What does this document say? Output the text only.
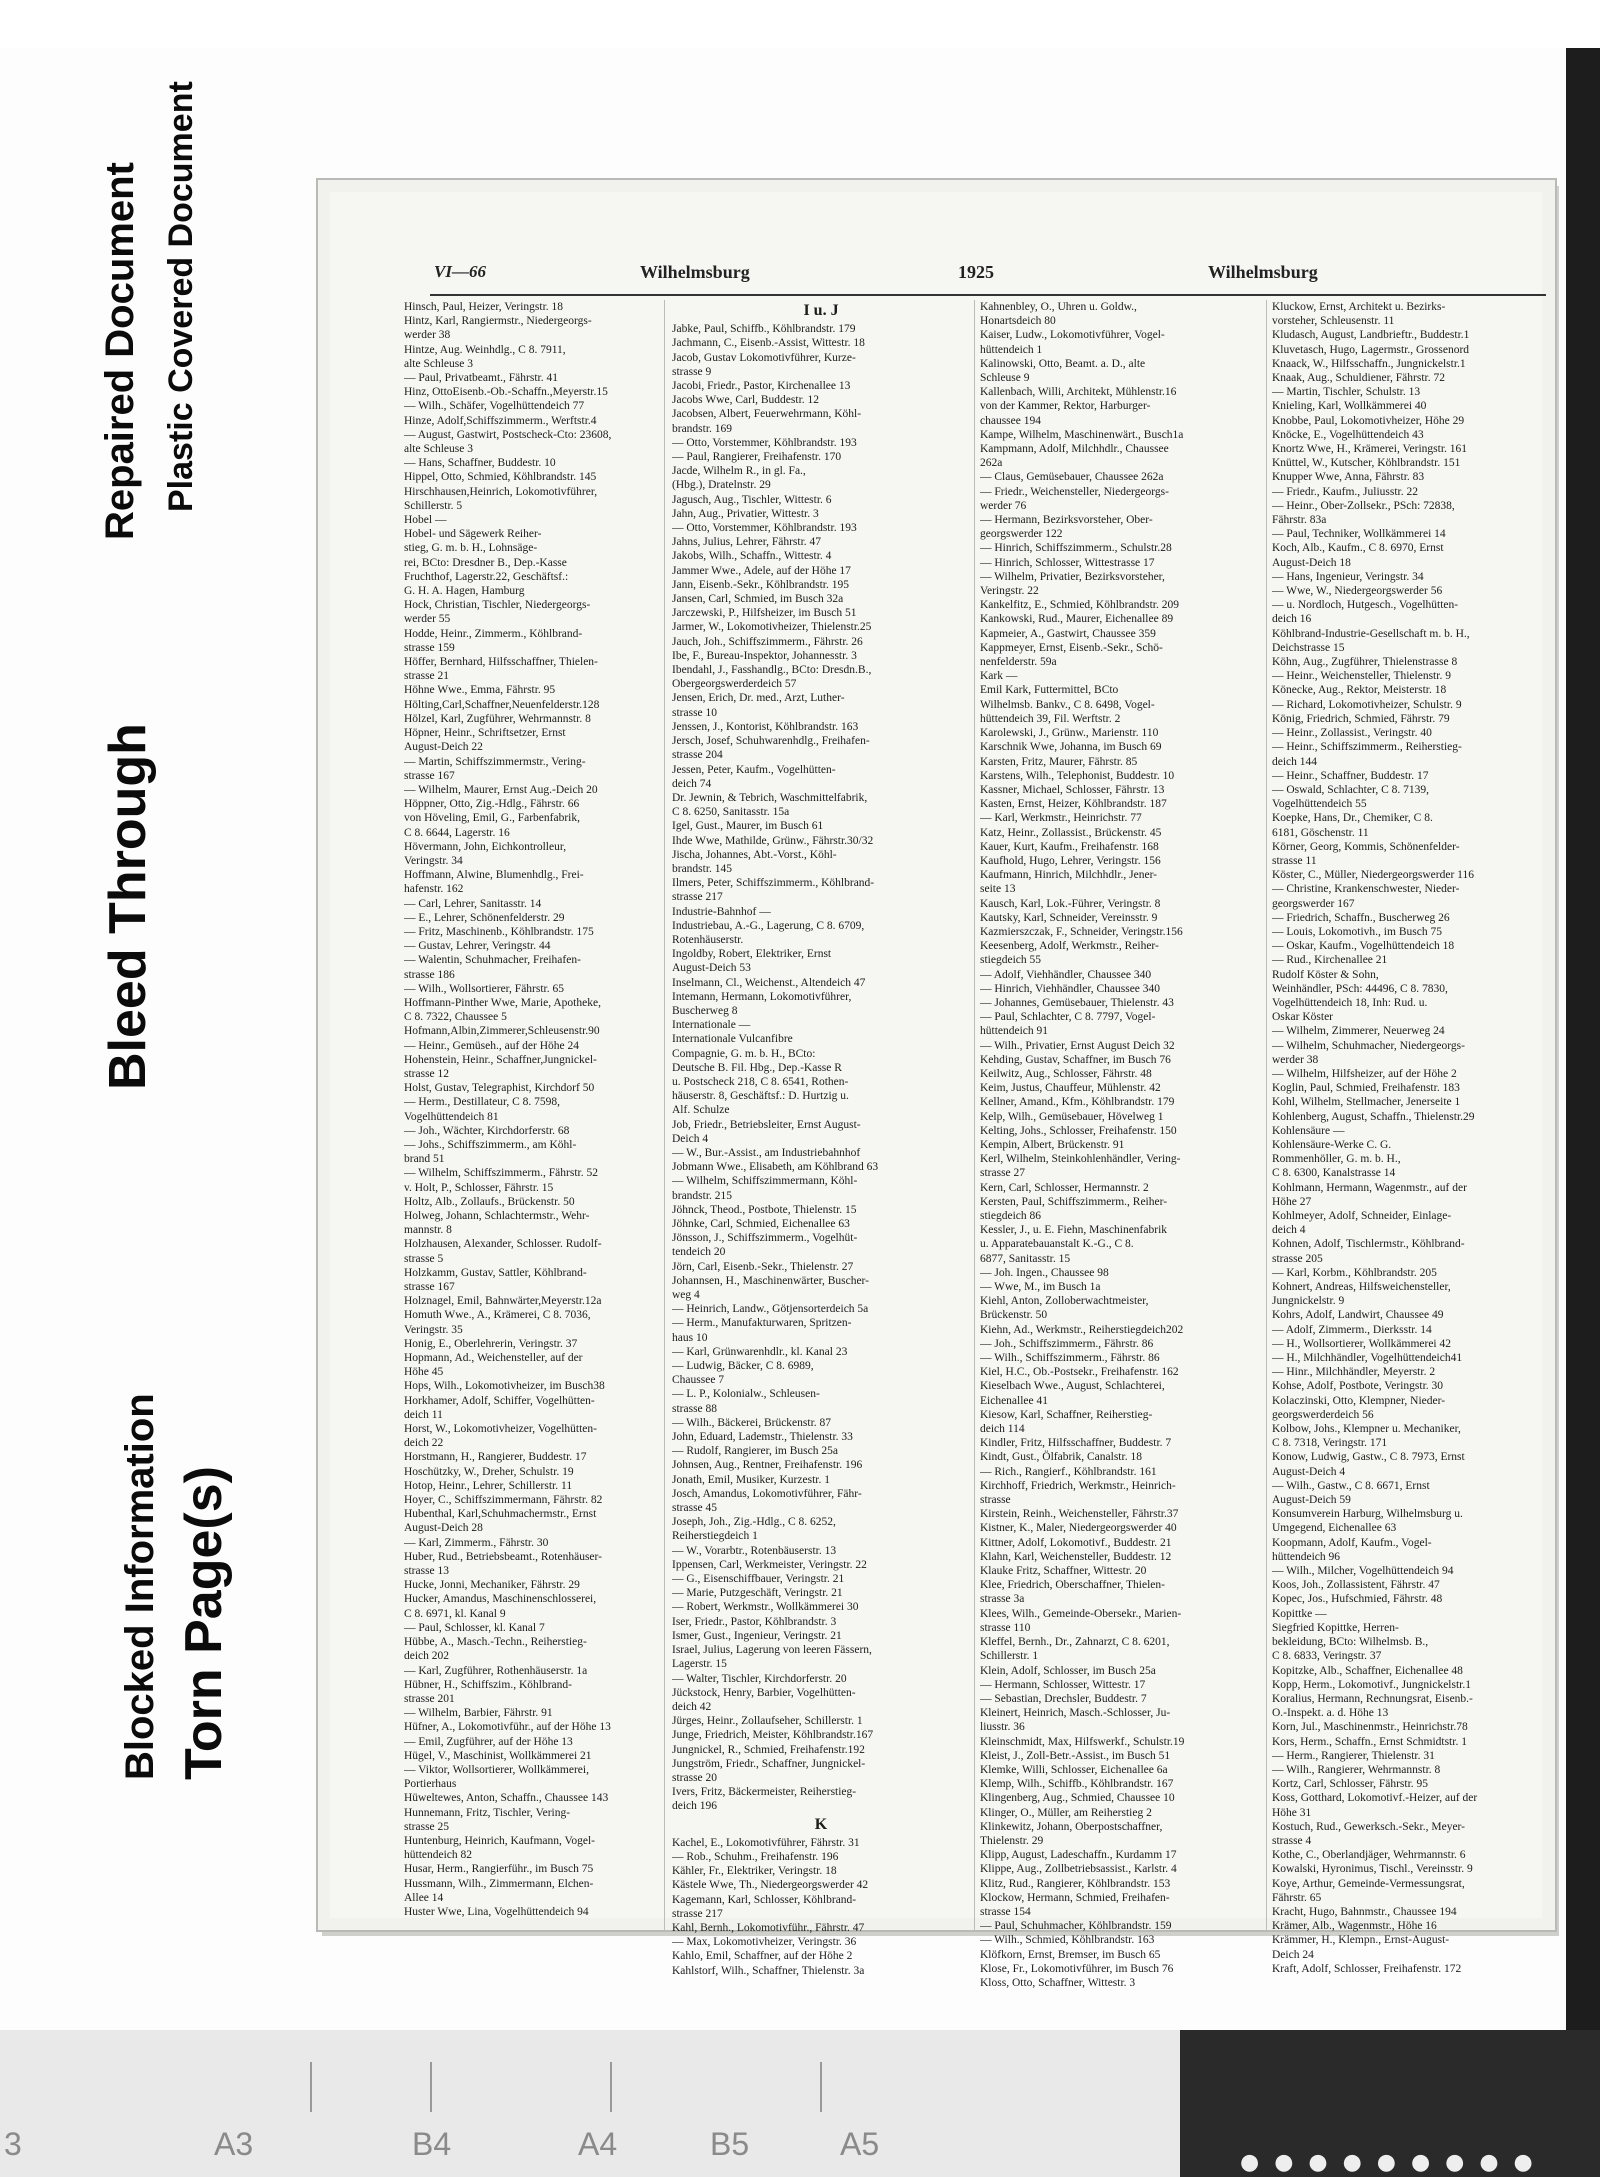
Repaired Document Plastic Covered Document
Bleed Through
Blocked Information Torn Page(s)
VI—66	Wilhelmsburg	1925	Wilhelmsburg

Hinsch, Paul, Heizer, Veringstr. 18

Hintz, Karl, Rangiermstr., Niedergeorgs-

werder 38

Hintze, Aug. Weinhdlg., C 8. 7911,

alte Schleuse 3

— Paul, Privatbeamt., Fährstr. 41

Hinz, OttoEisenb.-Ob.-Schaffn.,Meyerstr.15

— Wilh., Schäfer, Vogelhüttendeich 77

Hinze, Adolf,Schiffszimmerm., Werftstr.4

— August, Gastwirt, Postscheck-Cto: 23608,

alte Schleuse 3

— Hans, Schaffner, Buddestr. 10

Hippel, Otto, Schmied, Köhlbrandstr. 145

Hirschhausen,Heinrich, Lokomotivführer,

Schillerstr. 5

Hobel —

Hobel- und Sägewerk Reiher-

stieg, G. m. b. H., Lohnsäge-

rei, BCto: Dresdner B., Dep.-Kasse

Fruchthof, Lagerstr.22, Geschäftsf.:

G. H. A. Hagen, Hamburg

Hock, Christian, Tischler, Niedergeorgs-

werder 55

Hodde, Heinr., Zimmerm., Köhlbrand-

strasse 159

Höffer, Bernhard, Hilfsschaffner, Thielen-

strasse 21

Höhne Wwe., Emma, Fährstr. 95

Hölting,Carl,Schaffner,Neuenfelderstr.128

Hölzel, Karl, Zugführer, Wehrmannstr. 8

Höpner, Heinr., Schriftsetzer, Ernst

August-Deich 22

— Martin, Schiffszimmermstr., Vering-

strasse 167

— Wilhelm, Maurer, Ernst Aug.-Deich 20

Höppner, Otto, Zig.-Hdlg., Fährstr. 66

von Höveling, Emil, G., Farbenfabrik,

C 8. 6644, Lagerstr. 16

Hövermann, John, Eichkontrolleur,

Veringstr. 34

Hoffmann, Alwine, Blumenhdlg., Frei-

hafenstr. 162

— Carl, Lehrer, Sanitasstr. 14

— E., Lehrer, Schönenfelderstr. 29

— Fritz, Maschinenb., Köhlbrandstr. 175

— Gustav, Lehrer, Veringstr. 44

— Walentin, Schuhmacher, Freihafen-

strasse 186

— Wilh., Wollsortierer, Fährstr. 65

Hoffmann-Pinther Wwe, Marie, Apotheke,

C 8. 7322, Chaussee 5

Hofmann,Albin,Zimmerer,Schleusenstr.90

— Heinr., Gemüseh., auf der Höhe 24

Hohenstein, Heinr., Schaffner,Jungnickel-

strasse 12

Holst, Gustav, Telegraphist, Kirchdorf 50

— Herm., Destillateur, C 8. 7598,

Vogelhüttendeich 81

— Joh., Wächter, Kirchdorferstr. 68

— Johs., Schiffszimmerm., am Köhl-

brand 51

— Wilhelm, Schiffszimmerm., Fährstr. 52

v. Holt, P., Schlosser, Fährstr. 15

Holtz, Alb., Zollaufs., Brückenstr. 50

Holweg, Johann, Schlachtermstr., Wehr-

mannstr. 8

Holzhausen, Alexander, Schlosser. Rudolf-

strasse 5

Holzkamm, Gustav, Sattler, Köhlbrand-

strasse 167

Holznagel, Emil, Bahnwärter,Meyerstr.12a

Homuth Wwe., A., Krämerei, C 8. 7036,

Veringstr. 35

Honig, E., Oberlehrerin, Veringstr. 37

Hopmann, Ad., Weichensteller, auf der

Höhe 45

Hops, Wilh., Lokomotivheizer, im Busch38

Horkhamer, Adolf, Schiffer, Vogelhütten-

deich 11

Horst, W., Lokomotivheizer, Vogelhütten-

deich 22

Horstmann, H., Rangierer, Buddestr. 17

Hoschützky, W., Dreher, Schulstr. 19

Hotop, Heinr., Lehrer, Schillerstr. 11

Hoyer, C., Schiffszimmermann, Fährstr. 82

Hubenthal, Karl,Schuhmachermstr., Ernst

August-Deich 28

— Karl, Zimmerm., Fährstr. 30

Huber, Rud., Betriebsbeamt., Rotenhäuser-

strasse 13

Hucke, Jonni, Mechaniker, Fährstr. 29

Hucker, Amandus, Maschinenschlosserei,

C 8. 6971, kl. Kanal 9

— Paul, Schlosser, kl. Kanal 7

Hübbe, A., Masch.-Techn., Reiherstieg-

deich 202

— Karl, Zugführer, Rothenhäuserstr. 1a

Hübner, H., Schiffszim., Köhlbrand-

strasse 201

— Wilhelm, Barbier, Fährstr. 91

Hüfner, A., Lokomotivführ., auf der Höhe 13

— Emil, Zugführer, auf der Höhe 13

Hügel, V., Maschinist, Wollkämmerei 21

— Viktor, Wollsortierer, Wollkämmerei,

Portierhaus

Hüweltewes, Anton, Schaffn., Chaussee 143

Hunnemann, Fritz, Tischler, Vering-

strasse 25

Huntenburg, Heinrich, Kaufmann, Vogel-

hüttendeich 82

Husar, Herm., Rangierführ., im Busch 75

Hussmann, Wilh., Zimmermann, Elchen-

Allee 14

Huster Wwe, Lina, Vogelhüttendeich 94

I u. J

Jabke, Paul, Schiffb., Köhlbrandstr. 179

Jachmann, C., Eisenb.-Assist, Wittestr. 18

Jacob, Gustav Lokomotivführer, Kurze-

strasse 9

Jacobi, Friedr., Pastor, Kirchenallee 13

Jacobs Wwe, Carl, Buddestr. 12

Jacobsen, Albert, Feuerwehrmann, Köhl-

brandstr. 169

— Otto, Vorstemmer, Köhlbrandstr. 193

— Paul, Rangierer, Freihafenstr. 170

Jacde, Wilhelm R., in gl. Fa.,

(Hbg.), Dratelnstr. 29

Jagusch, Aug., Tischler, Wittestr. 6

Jahn, Aug., Privatier, Wittestr. 3

— Otto, Vorstemmer, Köhlbrandstr. 193

Jahns, Julius, Lehrer, Fährstr. 47

Jakobs, Wilh., Schaffn., Wittestr. 4

Jammer Wwe., Adele, auf der Höhe 17

Jann, Eisenb.-Sekr., Köhlbrandstr. 195

Jansen, Carl, Schmied, im Busch 32a

Jarczewski, P., Hilfsheizer, im Busch 51

Jarmer, W., Lokomotivheizer, Thielenstr.25

Jauch, Joh., Schiffszimmerm., Fährstr. 26

Ibe, F., Bureau-Inspektor, Johannesstr. 3

Ibendahl, J., Fasshandlg., BCto: Dresdn.B.,

Obergeorgswerderdeich 57

Jensen, Erich, Dr. med., Arzt, Luther-

strasse 10

Jenssen, J., Kontorist, Köhlbrandstr. 163

Jersch, Josef, Schuhwarenhdlg., Freihafen-

strasse 204

Jessen, Peter, Kaufm., Vogelhütten-

deich 74

Dr. Jewnin, & Tebrich, Waschmittelfabrik,

C 8. 6250, Sanitasstr. 15a

Igel, Gust., Maurer, im Busch 61

Ihde Wwe, Mathilde, Grünw., Fährstr.30/32

Jischa, Johannes, Abt.-Vorst., Köhl-

brandstr. 145

Ilmers, Peter, Schiffszimmerm., Köhlbrand-

strasse 217

Industrie-Bahnhof —

Industriebau, A.-G., Lagerung, C 8. 6709,

Rotenhäuserstr.

Ingoldby, Robert, Elektriker, Ernst

August-Deich 53

Inselmann, Cl., Weichenst., Altendeich 47

Intemann, Hermann, Lokomotivführer,

Buscherweg 8

Internationale —

Internationale Vulcanfibre

Compagnie, G. m. b. H., BCto:

Deutsche B. Fil. Hbg., Dep.-Kasse R

u. Postscheck 218, C 8. 6541, Rothen-

häuserstr. 8, Geschäftsf.: D. Hurtzig u.

Alf. Schulze

Job, Friedr., Betriebsleiter, Ernst August-

Deich 4

— W., Bur.-Assist., am Industriebahnhof

Jobmann Wwe., Elisabeth, am Köhlbrand 63

— Wilhelm, Schiffszimmermann, Köhl-

brandstr. 215

Jöhnck, Theod., Postbote, Thielenstr. 15

Jöhnke, Carl, Schmied, Eichenallee 63

Jönsson, J., Schiffszimmerm., Vogelhüt-

tendeich 20

Jörn, Carl, Eisenb.-Sekr., Thielenstr. 27

Johannsen, H., Maschinenwärter, Buscher-

weg 4

— Heinrich, Landw., Götjensorterdeich 5a

— Herm., Manufakturwaren, Spritzen-

haus 10

— Karl, Grünwarenhdlr., kl. Kanal 23

— Ludwig, Bäcker, C 8. 6989,

Chaussee 7

— L. P., Kolonialw., Schleusen-

strasse 88

— Wilh., Bäckerei, Brückenstr. 87

John, Eduard, Lademstr., Thielenstr. 33

— Rudolf, Rangierer, im Busch 25a

Johnsen, Aug., Rentner, Freihafenstr. 196

Jonath, Emil, Musiker, Kurzestr. 1

Josch, Amandus, Lokomotivführer, Fähr-

strasse 45

Joseph, Joh., Zig.-Hdlg., C 8. 6252,

Reiherstiegdeich 1

— W., Vorarbtr., Rotenbäuserstr. 13

Ippensen, Carl, Werkmeister, Veringstr. 22

— G., Eisenschiffbauer, Veringstr. 21

— Marie, Putzgeschäft, Veringstr. 21

— Robert, Werkmstr., Wollkämmerei 30

Iser, Friedr., Pastor, Köhlbrandstr. 3

Ismer, Gust., Ingenieur, Veringstr. 21

Israel, Julius, Lagerung von leeren Fässern,

Lagerstr. 15

— Walter, Tischler, Kirchdorferstr. 20

Jückstock, Henry, Barbier, Vogelhütten-

deich 42

Jürges, Heinr., Zollaufseher, Schillerstr. 1

Junge, Friedrich, Meister, Köhlbrandstr.167

Jungnickel, R., Schmied, Freihafenstr.192

Jungström, Friedr., Schaffner, Jungnickel-

strasse 20

Ivers, Fritz, Bäckermeister, Reiherstieg-

deich 196

K

Kachel, E., Lokomotivführer, Fährstr. 31

— Rob., Schuhm., Freihafenstr. 196

Kähler, Fr., Elektriker, Veringstr. 18

Kästele Wwe, Th., Niedergeorgswerder 42

Kagemann, Karl, Schlosser, Köhlbrand-

strasse 217

Kahl, Bernh., Lokomotivführ., Fährstr. 47

— Max, Lokomotivheizer, Veringstr. 36

Kahlo, Emil, Schaffner, auf der Höhe 2

Kahlstorf, Wilh., Schaffner, Thielenstr. 3a

Kahnenbley, O., Uhren u. Goldw.,

Honartsdeich 80

Kaiser, Ludw., Lokomotivführer, Vogel-

hüttendeich 1

Kalinowski, Otto, Beamt. a. D., alte

Schleuse 9

Kallenbach, Willi, Architekt, Mühlenstr.16

von der Kammer, Rektor, Harburger-

chaussee 194

Kampe, Wilhelm, Maschinenwärt., Busch1a

Kampmann, Adolf, Milchhdlr., Chaussee

262a

— Claus, Gemüsebauer, Chaussee 262a

— Friedr., Weichensteller, Niedergeorgs-

werder 76

— Hermann, Bezirksvorsteher, Ober-

georgswerder 122

— Hinrich, Schiffszimmerm., Schulstr.28

— Hinrich, Schlosser, Wittestrasse 17

— Wilhelm, Privatier, Bezirksvorsteher,

Veringstr. 22

Kankelfitz, E., Schmied, Köhlbrandstr. 209

Kankowski, Rud., Maurer, Eichenallee 89

Kapmeier, A., Gastwirt, Chaussee 359

Kappmeyer, Ernst, Eisenb.-Sekr., Schö-

nenfelderstr. 59a

Kark —

Emil Kark, Futtermittel, BCto

Wilhelmsb. Bankv., C 8. 6498, Vogel-

hüttendeich 39, Fil. Werftstr. 2

Karolewski, J., Grünw., Marienstr. 110

Karschnik Wwe, Johanna, im Busch 69

Karsten, Fritz, Maurer, Fährstr. 85

Karstens, Wilh., Telephonist, Buddestr. 10

Kassner, Michael, Schlosser, Fährstr. 13

Kasten, Ernst, Heizer, Köhlbrandstr. 187

— Karl, Werkmstr., Heinrichstr. 77

Katz, Heinr., Zollassist., Brückenstr. 45

Kauer, Kurt, Kaufm., Freihafenstr. 168

Kaufhold, Hugo, Lehrer, Veringstr. 156

Kaufmann, Hinrich, Milchhdlr., Jener-

seite 13

Kausch, Karl, Lok.-Führer, Veringstr. 8

Kautsky, Karl, Schneider, Vereinsstr. 9

Kazmierszczak, F., Schneider, Veringstr.156

Keesenberg, Adolf, Werkmstr., Reiher-

stiegdeich 55

— Adolf, Viehhändler, Chaussee 340

— Hinrich, Viehhändler, Chaussee 340

— Johannes, Gemüsebauer, Thielenstr. 43

— Paul, Schlachter, C 8. 7797, Vogel-

hüttendeich 91

— Wilh., Privatier, Ernst August Deich 32

Kehding, Gustav, Schaffner, im Busch 76

Keilwitz, Aug., Schlosser, Fährstr. 48

Keim, Justus, Chauffeur, Mühlenstr. 42

Kellner, Amand., Kfm., Köhlbrandstr. 179

Kelp, Wilh., Gemüsebauer, Hövelweg 1

Kelting, Johs., Schlosser, Freihafenstr. 150

Kempin, Albert, Brückenstr. 91

Kerl, Wilhelm, Steinkohlenhändler, Vering-

strasse 27

Kern, Carl, Schlosser, Hermannstr. 2

Kersten, Paul, Schiffszimmerm., Reiher-

stiegdeich 86

Kessler, J., u. E. Fiehn, Maschinenfabrik

u. Apparatebauanstalt K.-G., C 8.

6877, Sanitasstr. 15

— Joh. Ingen., Chaussee 98

— Wwe, M., im Busch 1a

Kiehl, Anton, Zolloberwachtmeister,

Brückenstr. 50

Kiehn, Ad., Werkmstr., Reiherstiegdeich202

— Joh., Schiffszimmerm., Fährstr. 86

— Wilh., Schiffszimmerm., Fährstr. 86

Kiel, H.C., Ob.-Postsekr., Freihafenstr. 162

Kieselbach Wwe., August, Schlachterei,

Eichenallee 41

Kiesow, Karl, Schaffner, Reiherstieg-

deich 114

Kindler, Fritz, Hilfsschaffner, Buddestr. 7

Kindt, Gust., Ölfabrik, Canalstr. 18

— Rich., Rangierf., Köhlbrandstr. 161

Kirchhoff, Friedrich, Werkmstr., Heinrich-

strasse

Kirstein, Reinh., Weichensteller, Fährstr.37

Kistner, K., Maler, Niedergeorgswerder 40

Kittner, Adolf, Lokomotivf., Buddestr. 21

Klahn, Karl, Weichensteller, Buddestr. 12

Klauke Fritz, Schaffner, Wittestr. 20

Klee, Friedrich, Oberschaffner, Thielen-

strasse 3a

Klees, Wilh., Gemeinde-Obersekr., Marien-

strasse 110

Kleffel, Bernh., Dr., Zahnarzt, C 8. 6201,

Schillerstr. 1

Klein, Adolf, Schlosser, im Busch 25a

— Hermann, Schlosser, Wittestr. 17

— Sebastian, Drechsler, Buddestr. 7

Kleinert, Heinrich, Masch.-Schlosser, Ju-

liusstr. 36

Kleinschmidt, Max, Hilfswerkf., Schulstr.19

Kleist, J., Zoll-Betr.-Assist., im Busch 51

Klemke, Willi, Schlosser, Eichenallee 6a

Klemp, Wilh., Schiffb., Köhlbrandstr. 167

Klingenberg, Aug., Schmied, Chaussee 10

Klinger, O., Müller, am Reiherstieg 2

Klinkewitz, Johann, Oberpostschaffner,

Thielenstr. 29

Klipp, August, Ladeschaffn., Kurdamm 17

Klippe, Aug., Zollbetriebsassist., Karlstr. 4

Klitz, Rud., Rangierer, Köhlbrandstr. 153

Klockow, Hermann, Schmied, Freihafen-

strasse 154

— Paul, Schuhmacher, Köhlbrandstr. 159

— Wilh., Schmied, Köhlbrandstr. 163

Klöfkorn, Ernst, Bremser, im Busch 65

Klose, Fr., Lokomotivführer, im Busch 76

Kloss, Otto, Schaffner, Wittestr. 3

Kluckow, Ernst, Architekt u. Bezirks-

vorsteher, Schleusenstr. 11

Kludasch, August, Landbrieftr., Buddestr.1

Kluvetasch, Hugo, Lagermstr., Grossenord

Knaack, W., Hilfsschaffn., Jungnickelstr.1

Knaak, Aug., Schuldiener, Fährstr. 72

— Martin, Tischler, Schulstr. 13

Knieling, Karl, Wollkämmerei 40

Knobbe, Paul, Lokomotivheizer, Höhe 29

Knöcke, E., Vogelhüttendeich 43

Knortz Wwe, H., Krämerei, Veringstr. 161

Knüttel, W., Kutscher, Köhlbrandstr. 151

Knupper Wwe, Anna, Fährstr. 83

— Friedr., Kaufm., Juliusstr. 22

— Heinr., Ober-Zollsekr., PSch: 72838,

Fährstr. 83a

— Paul, Techniker, Wollkämmerei 14

Koch, Alb., Kaufm., C 8. 6970, Ernst

August-Deich 18

— Hans, Ingenieur, Veringstr. 34

— Wwe, W., Niedergeorgswerder 56

— u. Nordloch, Hutgesch., Vogelhütten-

deich 16

Köhlbrand-Industrie-Gesellschaft m. b. H.,

Deichstrasse 15

Köhn, Aug., Zugführer, Thielenstrasse 8

— Heinr., Weichensteller, Thielenstr. 9

Könecke, Aug., Rektor, Meisterstr. 18

— Richard, Lokomotivheizer, Schulstr. 9

König, Friedrich, Schmied, Fährstr. 79

— Heinr., Zollassist., Veringstr. 40

— Heinr., Schiffszimmerm., Reiherstieg-

deich 144

— Heinr., Schaffner, Buddestr. 17

— Oswald, Schlachter, C 8. 7139,

Vogelhüttendeich 55

Koepke, Hans, Dr., Chemiker, C 8.

6181, Göschenstr. 11

Körner, Georg, Kommis, Schönenfelder-

strasse 11

Köster, C., Müller, Niedergeorgswerder 116

— Christine, Krankenschwester, Nieder-

georgswerder 167

— Friedrich, Schaffn., Buscherweg 26

— Louis, Lokomotivh., im Busch 75

— Oskar, Kaufm., Vogelhüttendeich 18

— Rud., Kirchenallee 21

Rudolf Köster & Sohn,

Weinhändler, PSch: 44496, C 8. 7830,

Vogelhüttendeich 18, Inh: Rud. u.

Oskar Köster

— Wilhelm, Zimmerer, Neuerweg 24

— Wilhelm, Schuhmacher, Niedergeorgs-

werder 38

— Wilhelm, Hilfsheizer, auf der Höhe 2

Koglin, Paul, Schmied, Freihafenstr. 183

Kohl, Wilhelm, Stellmacher, Jenerseite 1

Kohlenberg, August, Schaffn., Thielenstr.29

Kohlensäure —

Kohlensäure-Werke C. G.

Rommenhöller, G. m. b. H.,

C 8. 6300, Kanalstrasse 14

Kohlmann, Hermann, Wagenmstr., auf der

Höhe 27

Kohlmeyer, Adolf, Schneider, Einlage-

deich 4

Kohnen, Adolf, Tischlermstr., Köhlbrand-

strasse 205

— Karl, Korbm., Köhlbrandstr. 205

Kohnert, Andreas, Hilfsweichensteller,

Jungnickelstr. 9

Kohrs, Adolf, Landwirt, Chaussee 49

— Adolf, Zimmerm., Dierksstr. 14

— H., Wollsortierer, Wollkämmerei 42

— H., Milchhändler, Vogelhüttendeich41

— Hinr., Milchhändler, Meyerstr. 2

Kohse, Adolf, Postbote, Veringstr. 30

Kolaczinski, Otto, Klempner, Nieder-

georgswerderdeich 56

Kolbow, Johs., Klempner u. Mechaniker,

C 8. 7318, Veringstr. 171

Konow, Ludwig, Gastw., C 8. 7973, Ernst

August-Deich 4

— Wilh., Gastw., C 8. 6671, Ernst

August-Deich 59

Konsumverein Harburg, Wilhelmsburg u.

Umgegend, Eichenallee 63

Koopmann, Adolf, Kaufm., Vogel-

hüttendeich 96

— Wilh., Milcher, Vogelhüttendeich 94

Koos, Joh., Zollassistent, Fährstr. 47

Kopec, Jos., Hufschmied, Fährstr. 48

Kopittke —

Siegfried Kopittke, Herren-

bekleidung, BCto: Wilhelmsb. B.,

C 8. 6833, Veringstr. 37

Kopitzke, Alb., Schaffner, Eichenallee 48

Kopp, Herm., Lokomotivf., Jungnickelstr.1

Koralius, Hermann, Rechnungsrat, Eisenb.-

O.-Inspekt. a. d. Höhe 13

Korn, Jul., Maschinenmstr., Heinrichstr.78

Kors, Herm., Schaffn., Ernst Schmidtstr. 1

— Herm., Rangierer, Thielenstr. 31

— Wilh., Rangierer, Wehrmannstr. 8

Kortz, Carl, Schlosser, Fährstr. 95

Koss, Gotthard, Lokomotivf.-Heizer, auf der

Höhe 31

Kostuch, Rud., Gewerksch.-Sekr., Meyer-

strasse 4

Kothe, C., Oberlandjäger, Wehrmannstr. 6

Kowalski, Hyronimus, Tischl., Vereinsstr. 9

Koye, Arthur, Gemeinde-Vermessungsrat,

Fährstr. 65

Kracht, Hugo, Bahnmstr., Chaussee 194

Krämer, Alb., Wagenmstr., Höhe 16

Krämmer, H., Klempn., Ernst-August-

Deich 24

Kraft, Adolf, Schlosser, Freihafenstr. 172

3	A3	B4	A4	B5	A5
● ● ● ● ● ● ● ● ●
